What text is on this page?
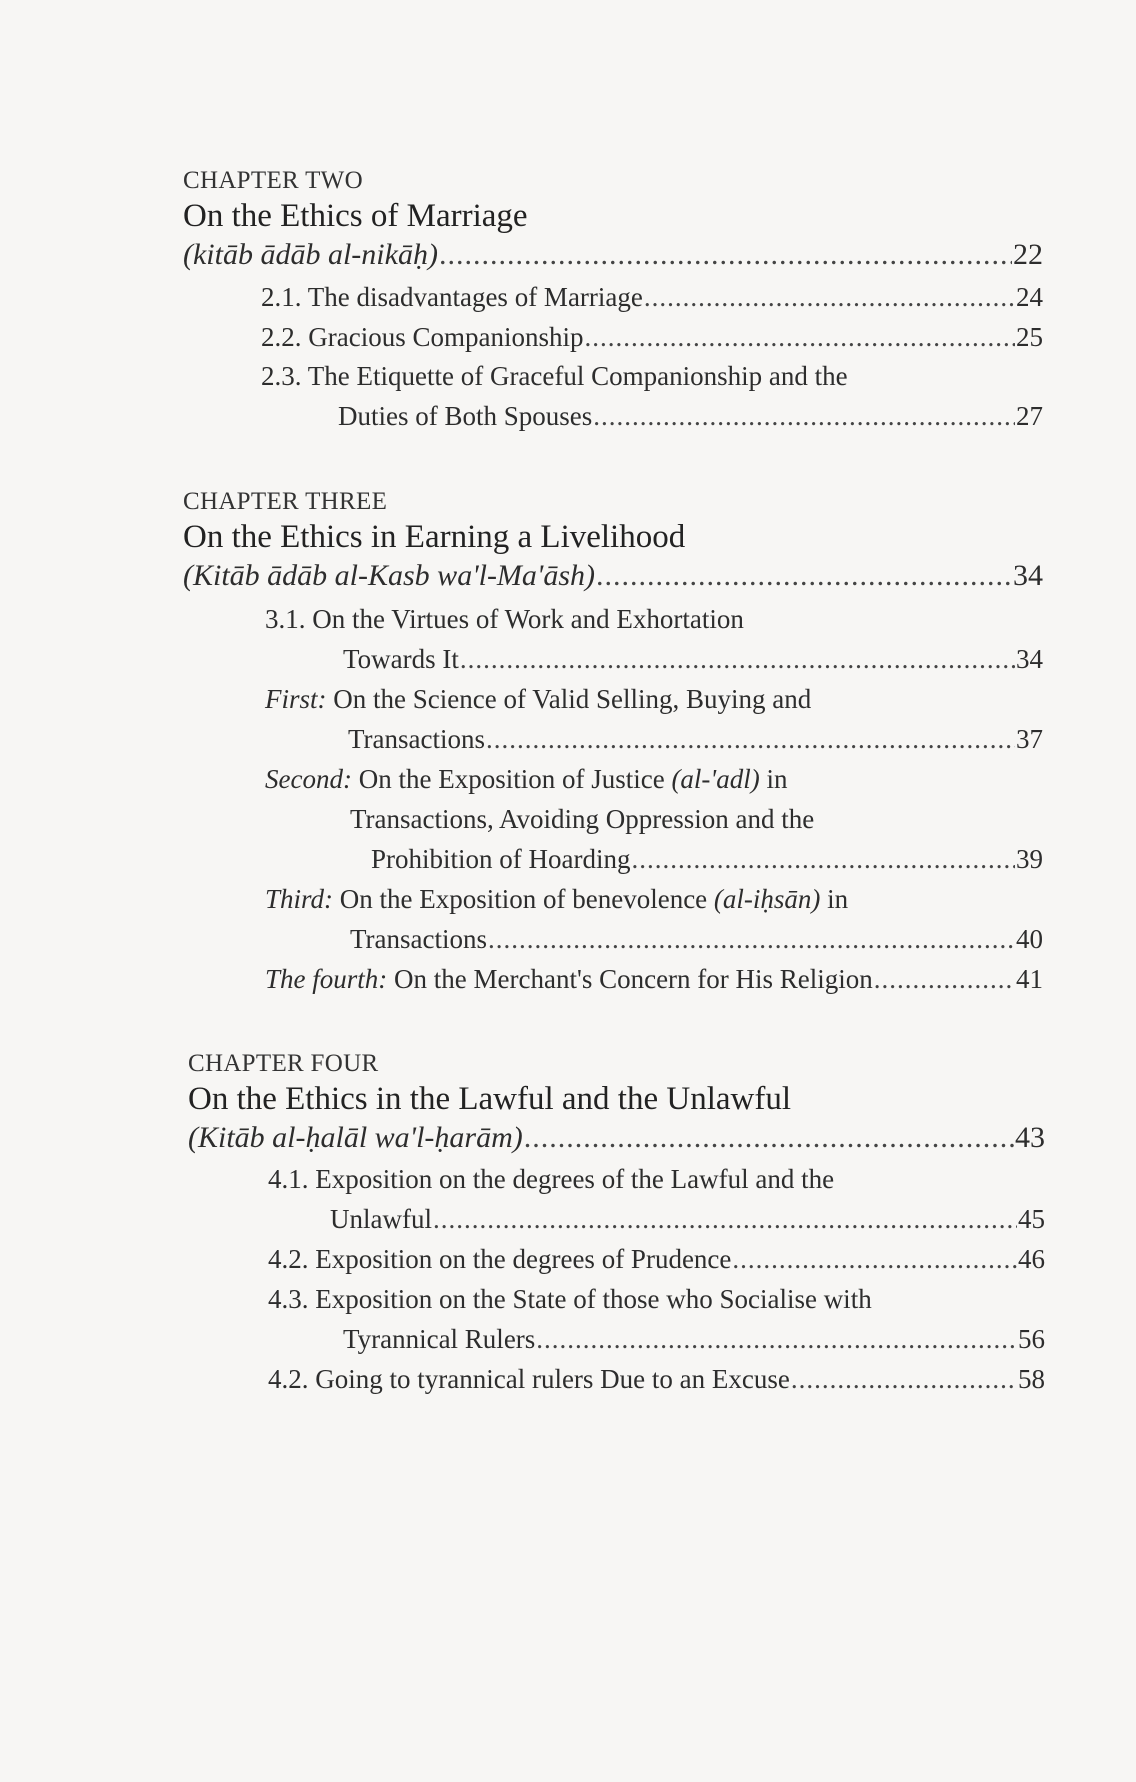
CHAPTER TWO
On the Ethics of Marriage
(kitāb ādāb al-nikāḥ) .....	22
2.1. The disadvantages of Marriage .....	24
2.2. Gracious Companionship .....	25
2.3. The Etiquette of Graceful Companionship and the
Duties of Both Spouses .....	27
CHAPTER THREE
On the Ethics in Earning a Livelihood
(Kitāb ādāb al-Kasb wa'l-Ma'āsh) .....	34
3.1. On the Virtues of Work and Exhortation
Towards It .....	34
First: On the Science of Valid Selling, Buying and
Transactions .....	37
Second: On the Exposition of Justice (al-'adl) in
Transactions, Avoiding Oppression and the
Prohibition of Hoarding .....	39
Third: On the Exposition of benevolence (al-iḥsān) in
Transactions .....	40
The fourth: On the Merchant's Concern for His Religion .....	41
CHAPTER FOUR
On the Ethics in the Lawful and the Unlawful
(Kitāb al-ḥalāl wa'l-ḥarām) .....	43
4.1. Exposition on the degrees of the Lawful and the
Unlawful .....	45
4.2. Exposition on the degrees of Prudence .....	46
4.3. Exposition on the State of those who Socialise with
Tyrannical Rulers .....	56
4.2. Going to tyrannical rulers Due to an Excuse .....	58
